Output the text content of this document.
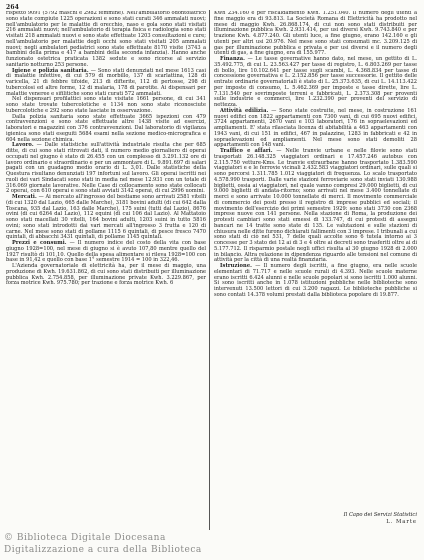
264

rispetto 9091 (5792 maschi e 2982 femmine). Nell'ambulatorio odontoiatrico sono state compiute 1225 operazioni e sono stati curati 346 ammalati nuovi; nell'ambulatorio per le malattie di orecchio, naso e gola sono stati visitati 216 ammalati nuovi; nell'ambulatorio di terapia fisica e radiologia sono stati visitati 218 ammalati nuovi e sono state effettuate 1203 consultazioni e cure; nell'ambulatorio per malattie degli occhi sono stati visitati 205 ammalati nuovi; negli ambulatori pediatrici sono state effettuate 8170 visite (3743 a bambini della prima e 417 a bambini della seconda infanzia). Hanno anche funzionato ostetrica praticata 1382 sedute e sono ricorse al servizio sanitario notturno 253 persone.

Igiene e polizia sanitaria. — Sono stati denunziati nel mese 1613 casi di malattie infettive, di cui 579 di morbillo, 137 di scarlattina, 128 di varicella, 21 di febbre tifoide, 213 di difterite, 112 di pertosse, 298 di tubercolosi ed altre forme, 12 di malaria, 178 di parotite. Ai dispensari per malattie veneree e sifilitiche sono stati curati 572 ammalati.

Nel dispensari profilattici sono state visitate 1661 persone, di cui 341 sono state trovate tubercolotiche e 1134 non sono state riconosciute tubercolotiche e 292 sono state lasciate in osservazione.

Dalla polizia sanitaria sono state effettuate 3665 ispezioni con 479 contravvenzioni e sono state effettuate altre 1438 visite ad esercizi, laboratori e magazzini con 376 contravvenzioni. Dal laboratorio di vigilanza igienica sono stati eseguiti 5684 esami nella sezione medico-micrografica e 604 nella sezione chimica.

Lavoro. — Dalle statistiche sull'attività industriale risulta che per 685 ditte, di cui sono stati ritrovati dati, il numero medio giornaliero di operai occupati nel giugno è stato di 26.455 con un complesso di 3.291.132 ore di lavoro ordinario e straordinario e per un ammontare di L. 9.891.697 di salari pagati con un guadagno medio orario di L. 3,01. Dalle statistiche della Questura risultano denunziati 197 infortuni sul lavoro. Gli operai iscritti nei ruoli dei vari Sindacati sono stati in media nel mese 12.931 con un totale di 316.069 giornate lavorative. Nelle Case di collocamento sono state collocati 2 operai, con 610 operai e sono stati avviati 3142 operai, di cui 2996 uomini.

Mercati. — Ai mercato all'ingrosso del bestiame sono arrivati 2581 vitelli (di cui 1320 dal Lazio, 665 dalle Marche), 3181 bovini adulti (di cui 642 dalla Toscana, 935 dal Lazio, 163 dalle Marche), 175 suini (tutti dal Lazio), 8676 ovini (di cui 6264 dal Lazio), 112 equini (di cui 106 dal Lazio). Al Mattatoio sono stati macellati 30 vitelli, 164 bovini adulti, 1203 suini in tutto 5816 ovini; sono stati introdotti dai vari mercati all'ingrosso 3 frutta e 120 di carne. Nel mese sono stati di pollame 1115 6 quintali, di pesce fresco 7470 quintali, di abbacchi 3431 quintali, di pollame 1145 quintali.

Prezzi e consumi. — Il numero indice del costo della vita con base giugno 1928=100, nel mese di giugno si è avuto 107,80 mentre quello del 1927 risultò di 101,10. Quello della spesa alimentare si rileva 1928=100 con base in 91,42 e quello con base 1° semestre 1914 = 100 in 322,46.

L'Azienda governatoriale di elettricità ha, per il mese di maggio, una produzione di Kwh. 19.631.862, di cui sono stati distribuiti per illuminazione pubblica Kwh. 2.754.858, per illuminazione private Kwh. 3.229.867, per forza motrice Kwh. 975.780; per trazione e forza motrice Kwh. 6

Kwh 234.160 e per riscaldamento Kwh. 1.251.040. Il numero degli utenti a fine maggio era di 93.813. La Società Romana di Elettricità ha prodotto nel mese di maggio Kwh. 26.868.174, di cui non sono stati distribuiti per illuminazione pubblica Kwh. 2.931.414, per usi diversi Kwh. 9.743.840 e per trazione Kwh. 4.877.240. Gli utenti luce, a fine giugno, erano 142.160 e gli utenti per altri usi 20.976. Nel mese sono stati consumati mc. 3.209.125 di gas per illuminazione pubblica e privata e per usi diversi e il numero degli utenti di gas, a fine giugno, era di 155.977.

Finanza. — Le tasse governative hanno dato, nel mese, un gettito di L. 35.492.775, di cui L. 23.563.427 per tasse di registro, L. 6.803.269 per tasse di bollo, lire 10.102.641 per tasse sugli scambi, L. 4.368.834 per tasse di concessione governativa e L. 2.152.856 per tasse successorie. Il gettito delle entrate ordinarie governatoriali è stato di L. 25.373.635, di cui L. 14.113.422 per imposte di consumo, L. 5.462.369 per imposte e tasse dirette, lire L. 7.131.540 per sovrimposte terreni e fabbricati, L. 2.373.308 per proventi sulle industrie e commerci, lire 1.232.390 per proventi del servizio di nettezza.

Attività edilizia. — Sono state costruite, nel mese, in costruzione 161 nuovi edifici con 1822 appartamenti con 7300 vani, di cui 695 nuovi edifici, 3724 appartamenti, 2670 vani e 103 laboratori, 176 in sopraelevazioni ed ampliamenti. E' stata rilasciata licenza di abitabilità a 463 appartamenti con 1943 vani, di cui 151 in edifici, 467 in palazzine, 1283 in fabbricati e 42 in sopraelevazioni ed ampliamenti. Nel mese sono stati demoliti 28 appartamenti con 148 vani.

Traffico e affari. — Nelle tranvie urbane e nelle filovie sono stati trasportati 26.148.325 viaggiatori ordinari e 17.457.246 autobus con 2.115.750 vetture-Kms. Le tranvie extraurbane hanno trasportato 1.383.590 viaggiatori e e le ferrovie vicinali 2.432.583 viaggiatori ordinari, sulle quali si sono percorsi 1.311.785 1.012 viaggiatori di frequenza. Lo scalo trasportato 4.578.990 trasporti. Dalle varie stazioni ferroviarie sono stati inviati 130.988 biglietti, ossia ai viaggiatori, nel quale vanno compresi 29.000 biglietti, di cui 9.000 biglietti di andata-ritorno; sono arrivati nel mese 3.400 tonnellate di merci e sono arrivate 10.000 tonnellate di merci. Il movimento commerciale di commercio dei posti presso il registro di imprese pubblici ed sociali; il movimento dell'esercizio dei primi semestre 1929: sono stati 3730 con 2368 imprese nuove con 141 persone. Nella stazione di Roma, la produzione dei protesti cambiari sono stati emessi di 133.747, di cui protesti di assegni bancari ne 14 tratte sono state di 135. Le valutazioni e sulle stazioni di chiusura nelle ditte furono dichiarati fallimenti con 3 imprese. I tribunali a cui sono stati di ciò nel 531, 7 delle quali accolte sono 6 tutela intorno ai 3 concesse per 3 stato dei 12 ai di 3 e 4 oltre ai decreti sono trasferiti oltre ai di 5.177.712. Il risparmio postale negli uffici risulta al 30 giugno 1928 di 2.000 in bilancio. Altra relazione in dipendenza riguardo alle tensioni nel comune di attività per la città di una realtà finanziaria.

Istruzione. — Il numero degli iscritti, a fine giugno, era nelle scuole elementari di 71.717 e nelle scuole rurali di 4.393. Nelle scuole materne erano iscritti 6.424 alunni e nelle scuole popolari si sono iscritti 1.000 alunni. Si sono iscritti anche in 1.078 istituzioni pubbliche nelle biblioteche sono intervenuti 13.500 lettori di cui 3.200 ragazzi. Le biblioteche pubbliche si sono contati 14.378 volumi prestati dalla biblioteca popolare di 19.877.

Il Capo dei Servizi Statistici
L. Marte
© Biblioteca Digitale Diocesana
Digitalizzazione a cura della Biblioteca
